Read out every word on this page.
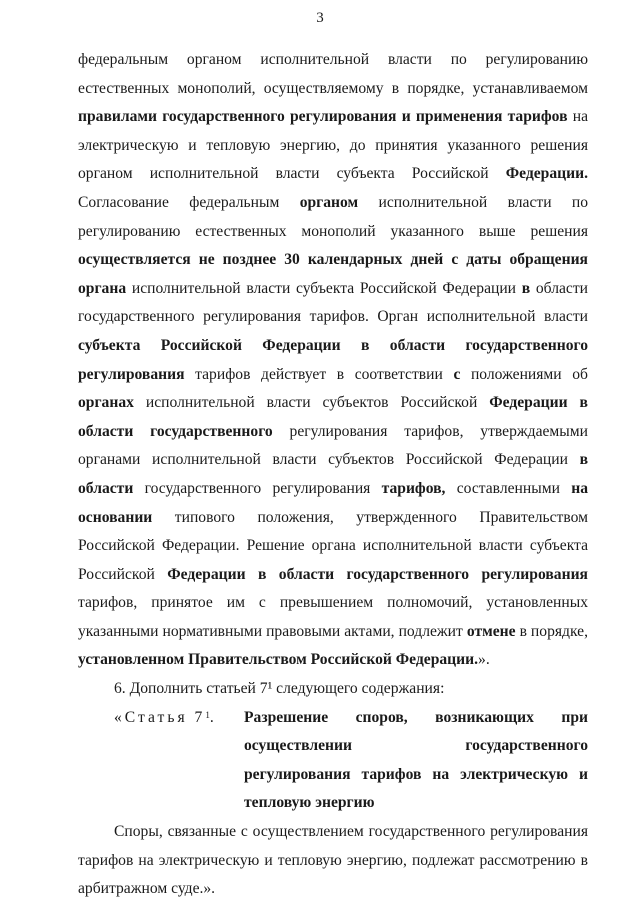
3

федеральным органом исполнительной власти по регулированию естественных монополий, осуществляемому в порядке, устанавливаемом правилами государственного регулирования и применения тарифов на электрическую и тепловую энергию, до принятия указанного решения органом исполнительной власти субъекта Российской Федерации. Согласование федеральным органом исполнительной власти по регулированию естественных монополий указанного выше решения осуществляется не позднее 30 календарных дней с даты обращения органа исполнительной власти субъекта Российской Федерации в области государственного регулирования тарифов. Орган исполнительной власти субъекта Российской Федерации в области государственного регулирования тарифов действует в соответствии с положениями об органах исполнительной власти субъектов Российской Федерации в области государственного регулирования тарифов, утверждаемыми органами исполнительной власти субъектов Российской Федерации в области государственного регулирования тарифов, составленными на основании типового положения, утвержденного Правительством Российской Федерации. Решение органа исполнительной власти субъекта Российской Федерации в области государственного регулирования тарифов, принятое им с превышением полномочий, установленных указанными нормативными правовыми актами, подлежит отмене в порядке, установленном Правительством Российской Федерации.».

6. Дополнить статьей 7¹ следующего содержания:

«Статья $7^1$.	Разрешение споров, возникающих при осуществлении государственного регулирования тарифов на электрическую и тепловую энергию

Споры, связанные с осуществлением государственного регулирования тарифов на электрическую и тепловую энергию, подлежат рассмотрению в арбитражном суде.».
